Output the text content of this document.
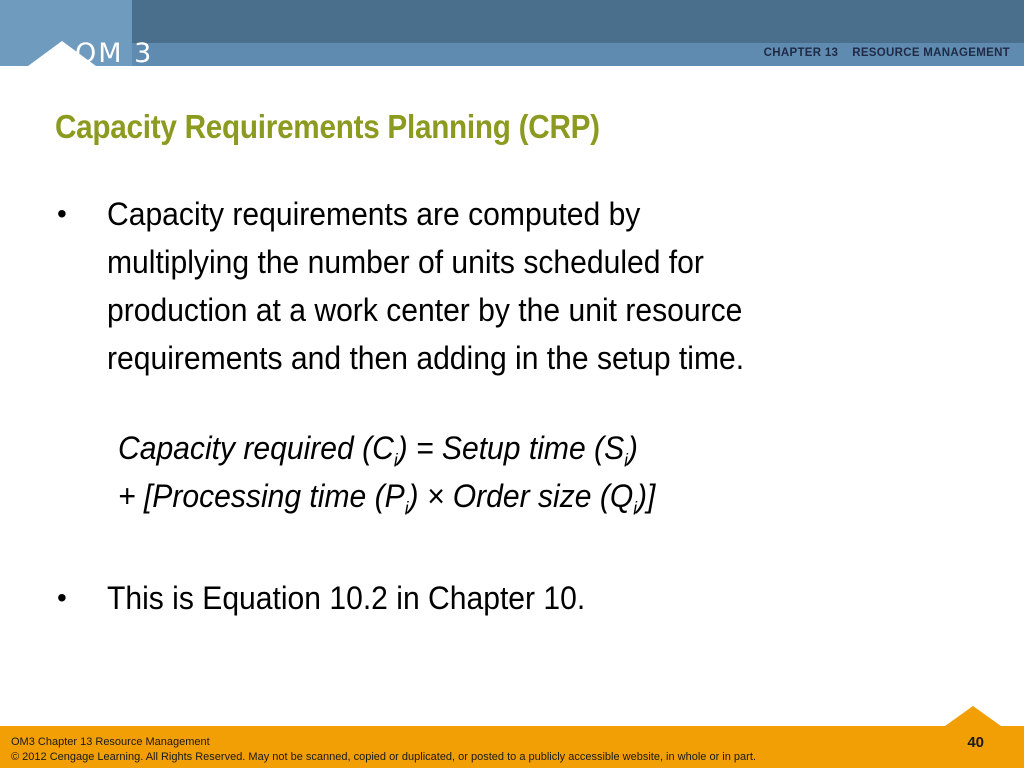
OM 3	CHAPTER 13 RESOURCE MANAGEMENT
Capacity Requirements Planning (CRP)
• Capacity requirements are computed by
multiplying the number of units scheduled for
production at a work center by the unit resource
requirements and then adding in the setup time.
Capacity required $(C_i)$ = Setup time $(S_i)$
+ [Processing time $(P_i)$ × Order size $(Q_i)$]
• This is Equation 10.2 in Chapter 10.
OM3 Chapter 13 Resource Management
© 2012 Cengage Learning. All Rights Reserved. May not be scanned, copied or duplicated, or posted to a publicly accessible website, in whole or in part.
40
